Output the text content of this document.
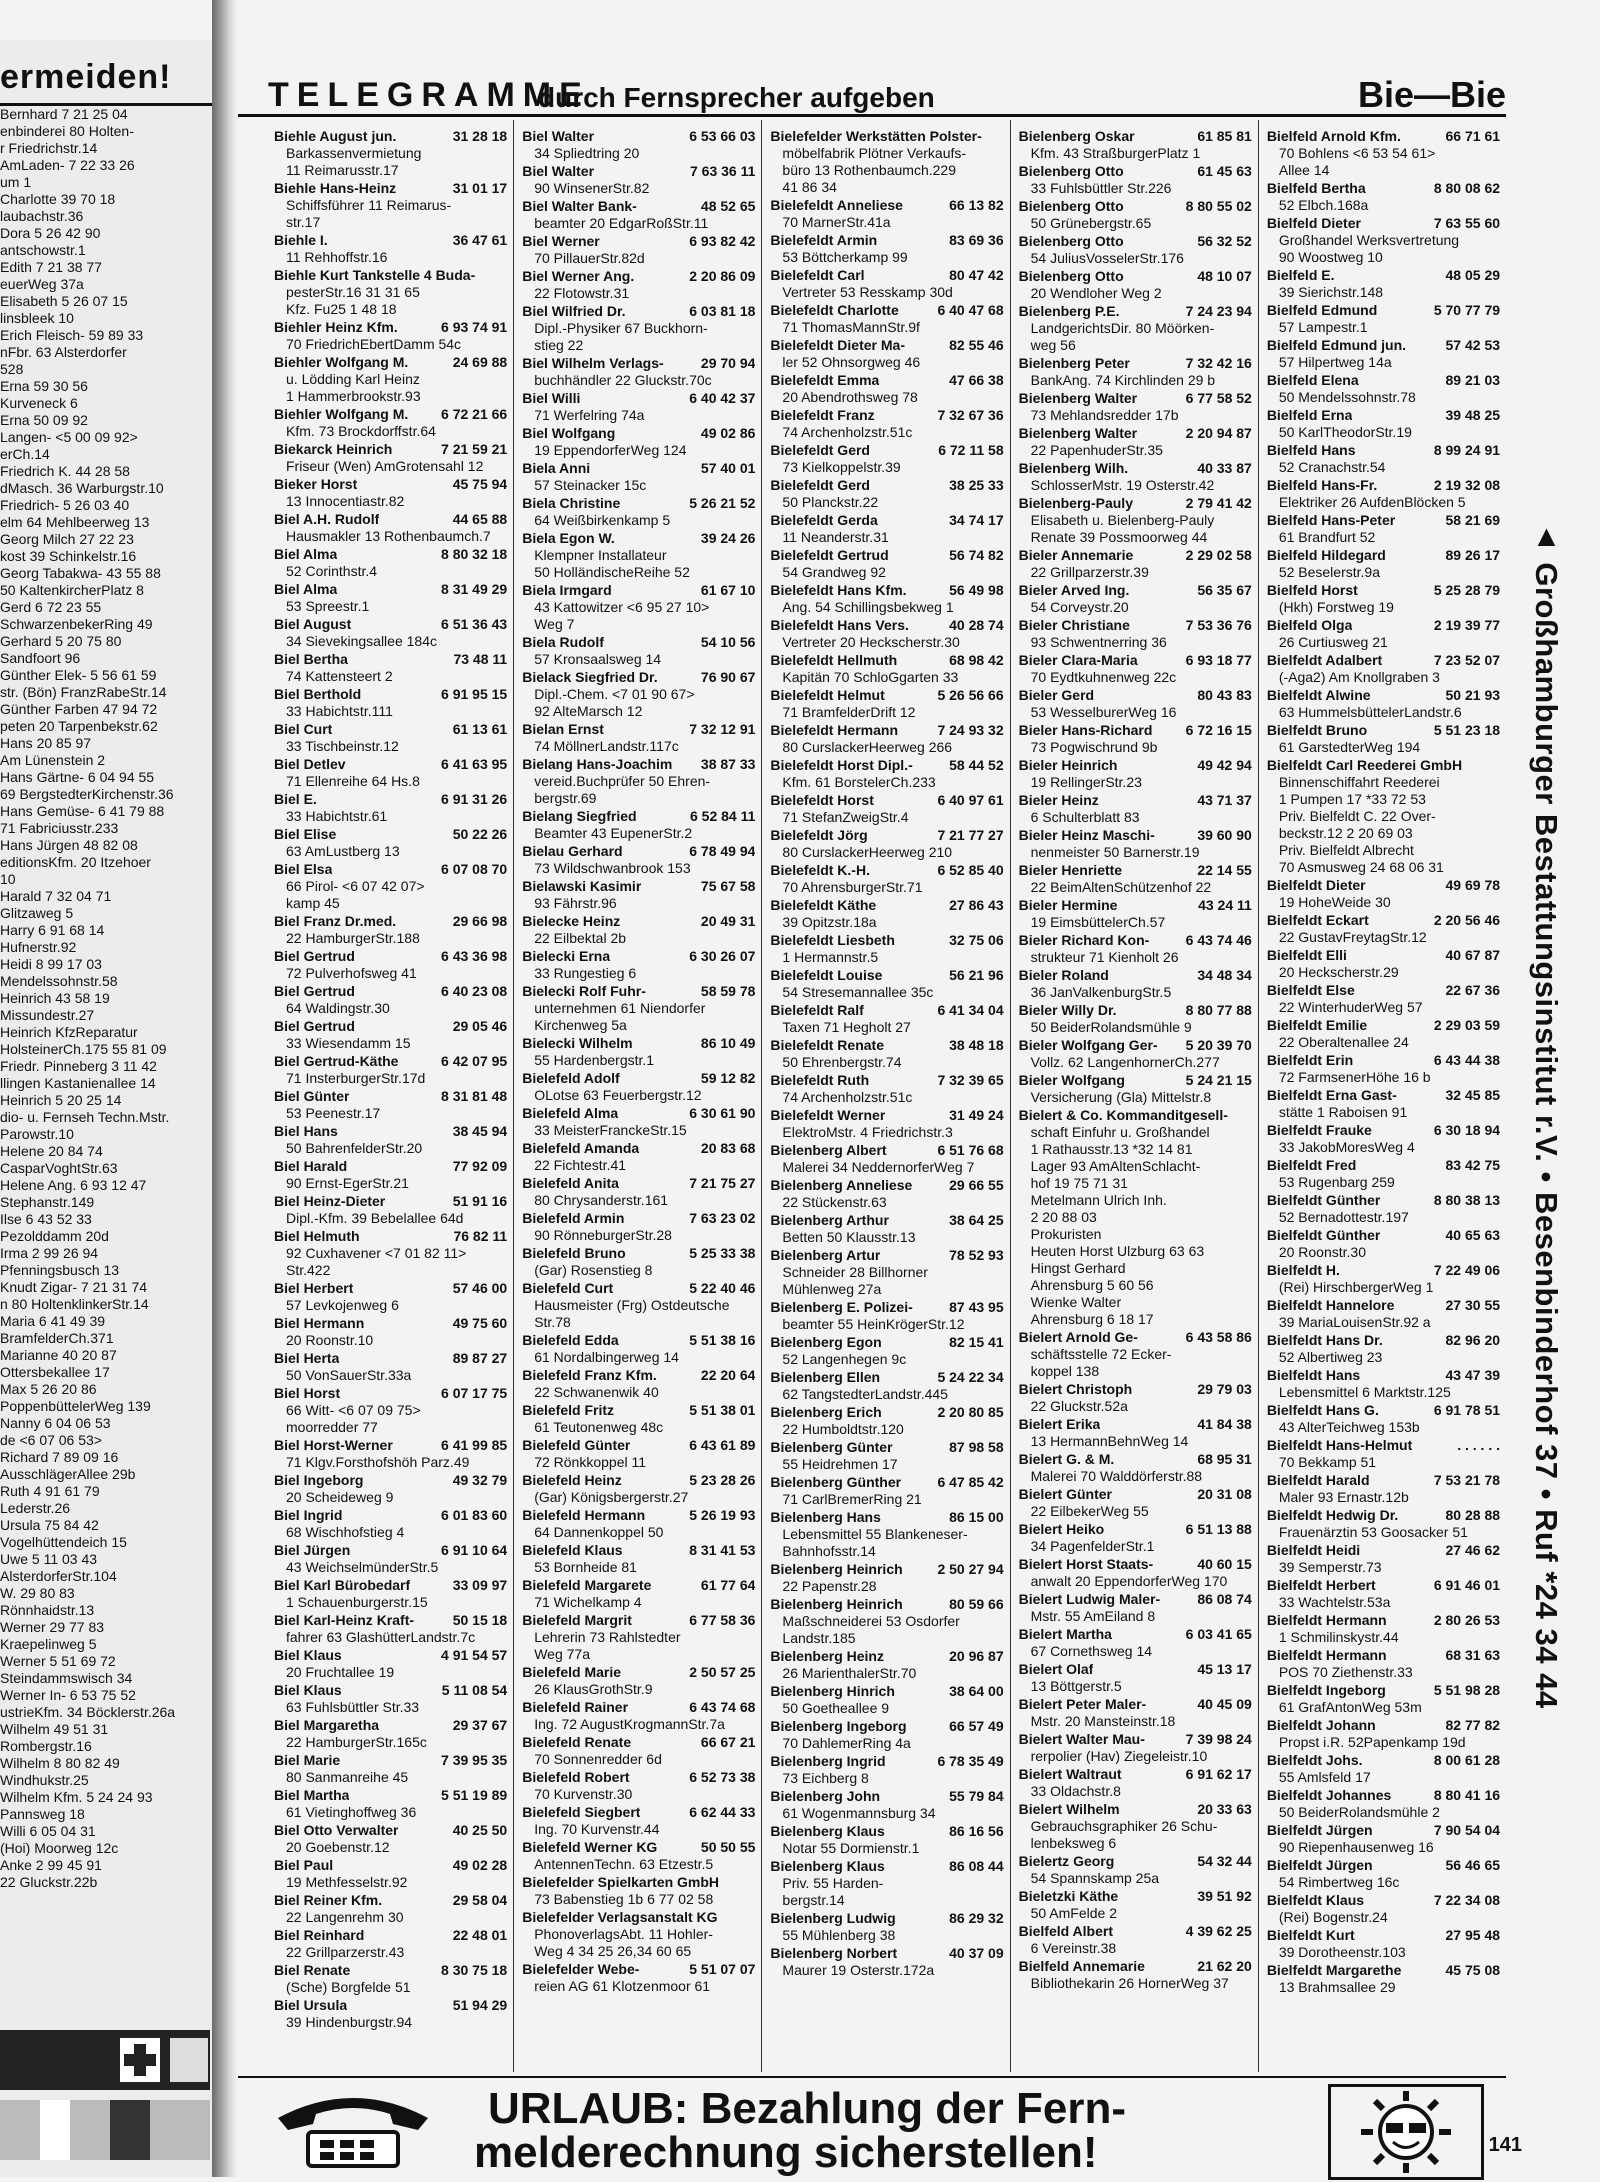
ermeiden!
Bernhard 7 21 25 04
enbinderei 80 Holten-
r Friedrichstr.14
AmLaden- 7 22 33 26
um 1
Charlotte 39 70 18
laubachstr.36
Dora 5 26 42 90
antschowstr.1
Edith 7 21 38 77
euerWeg 37a
Elisabeth 5 26 07 15
linsbleek 10
Erich Fleisch- 59 89 33
nFbr. 63 Alsterdorfer
528
Erna 59 30 56
Kurveneck 6
Erna 50 09 92
Langen- <5 00 09 92>
erCh.14
Friedrich K. 44 28 58
dMasch. 36 Warburgstr.10
Friedrich- 5 26 03 40
elm 64 Mehlbeerweg 13
Georg Milch 27 22 23
kost 39 Schinkelstr.16
Georg Tabakwa- 43 55 88
50 KaltenkircherPlatz 8
Gerd 6 72 23 55
SchwarzenbekerRing 49
Gerhard 5 20 75 80
Sandfoort 96
Günther Elek- 5 56 61 59
str. (Bön) FranzRabeStr.14
Günther Farben 47 94 72
peten 20 Tarpenbekstr.62
Hans 20 85 97
Am Lünenstein 2
Hans Gärtne- 6 04 94 55
69 BergstedterKirchenstr.36
Hans Gemüse- 6 41 79 88
71 Fabriciusstr.233
Hans Jürgen 48 82 08
editionsKfm. 20 Itzehoer
10
Harald 7 32 04 71
Glitzaweg 5
Harry 6 91 68 14
Hufnerstr.92
Heidi 8 99 17 03
Mendelssohnstr.58
Heinrich 43 58 19
Missundestr.27
Heinrich KfzReparatur
HolsteinerCh.175 55 81 09
Friedr. Pinneberg 3 11 42
llingen Kastanienallee 14
Heinrich 5 20 25 14
dio- u. Fernseh Techn.Mstr.
Parowstr.10
Helene 20 84 74
CasparVoghtStr.63
Helene Ang. 6 93 12 47
Stephanstr.149
Ilse 6 43 52 33
Pezolddamm 20d
Irma 2 99 26 94
Pfenningsbusch 13
Knudt Zigar- 7 21 31 74
n 80 HoltenklinkerStr.14
Maria 6 41 49 39
BramfelderCh.371
Marianne 40 20 87
Ottersbekallee 17
Max 5 26 20 86
PoppenbüttelerWeg 139
Nanny 6 04 06 53
de <6 07 06 53>
Richard 7 89 09 16
AusschlägerAllee 29b
Ruth 4 91 61 79
Lederstr.26
Ursula 75 84 42
Vogelhüttendeich 15
Uwe 5 11 03 43
AlsterdorferStr.104
W. 29 80 83
Rönnhaidstr.13
Werner 29 77 83
Kraepelinweg 5
Werner 5 51 69 72
Steindammswisch 34
Werner In- 6 53 75 52
ustrieKfm. 34 Böcklerstr.26a
Wilhelm 49 51 31
Rombergstr.16
Wilhelm 8 80 82 49
Windhukstr.25
Wilhelm Kfm. 5 24 24 93
Pannsweg 18
Willi 6 05 04 31
(Hoi) Moorweg 12c
Anke 2 99 45 91
22 Gluckstr.22b
TELEGRAMME
durch Fernsprecher aufgeben	Bie—Bie
Biehle August jun.	31 28 18
Barkassenvermietung
11 Reimarusstr.17
Biehle Hans-Heinz	31 01 17
Schiffsführer 11 Reimarus-
str.17
Biehle I.	36 47 61
11 Rehhoffstr.16
Biehle Kurt Tankstelle 4 Buda-
pesterStr.16 31 31 65
Kfz. Fu25 1 48 18
Biehler Heinz Kfm.	6 93 74 91
70 FriedrichEbertDamm 54c
Biehler Wolfgang M.	24 69 88
u. Lödding Karl Heinz
1 Hammerbrookstr.93
Biehler Wolfgang M. 6 72 21 66
Kfm. 73 Brockdorffstr.64
Biekarck Heinrich	7 21 59 21
Friseur (Wen) AmGrotensahl 12
Bieker Horst	45 75 94
13 Innocentiastr.82
Biel A.H. Rudolf	44 65 88
Hausmakler 13 Rothenbaumch.7
Biel Alma	8 80 32 18
52 Corinthstr.4
Biel Alma	8 31 49 29
53 Spreestr.1
Biel August	6 51 36 43
34 Sievekingsallee 184c
Biel Bertha	73 48 11
74 Kattensteert 2
Biel Berthold	6 91 95 15
33 Habichtstr.111
Biel Curt	61 13 61
33 Tischbeinstr.12
Biel Detlev	6 41 63 95
71 Ellenreihe 64 Hs.8
Biel E.	6 91 31 26
33 Habichtstr.61
Biel Elise	50 22 26
63 AmLustberg 13
Biel Elsa	6 07 08 70
66 Pirol- <6 07 42 07>
kamp 45
Biel Franz Dr.med.	29 66 98
22 HamburgerStr.188
Biel Gertrud	6 43 36 98
72 Pulverhofsweg 41
Biel Gertrud	6 40 23 08
64 Waldingstr.30
Biel Gertrud	29 05 46
33 Wiesendamm 15
Biel Gertrud-Käthe	6 42 07 95
71 InsterburgerStr.17d
Biel Günter	8 31 81 48
53 Peenestr.17
Biel Hans	38 45 94
50 BahrenfelderStr.20
Biel Harald	77 92 09
90 Ernst-EgerStr.21
Biel Heinz-Dieter	51 91 16
Dipl.-Kfm. 39 Bebelallee 64d
Biel Helmuth	76 82 11
92 Cuxhavener <7 01 82 11>
Str.422
Biel Herbert	57 46 00
57 Levkojenweg 6
Biel Hermann	49 75 60
20 Roonstr.10
Biel Herta	89 87 27
50 VonSauerStr.33a
Biel Horst	6 07 17 75
66 Witt- <6 07 09 75>
moorredder 77
Biel Horst-Werner	6 41 99 85
71 Klgv.Forsthofshöh Parz.49
Biel Ingeborg	49 32 79
20 Scheideweg 9
Biel Ingrid	6 01 83 60
68 Wischhofstieg 4
Biel Jürgen	6 91 10 64
43 WeichselmünderStr.5
Biel Karl Bürobedarf	33 09 97
1 Schauenburgerstr.15
Biel Karl-Heinz Kraft-	50 15 18
fahrer 63 GlashütterLandstr.7c
Biel Klaus	4 91 54 57
20 Fruchtallee 19
Biel Klaus	5 11 08 54
63 Fuhlsbüttler Str.33
Biel Margaretha	29 37 67
22 HamburgerStr.165c
Biel Marie	7 39 95 35
80 Sanmanreihe 45
Biel Martha	5 51 19 89
61 Vietinghoffweg 36
Biel Otto Verwalter	40 25 50
20 Goebenstr.12
Biel Paul	49 02 28
19 Methfesselstr.92
Biel Reiner Kfm.	29 58 04
22 Langenrehm 30
Biel Reinhard	22 48 01
22 Grillparzerstr.43
Biel Renate	8 30 75 18
(Sche) Borgfelde 51
Biel Ursula	51 94 29
39 Hindenburgstr.94
Biel Walter	6 53 66 03
34 Spliedtring 20
Biel Walter	7 63 36 11
90 WinsenerStr.82
Biel Walter Bank-	48 52 65
beamter 20 EdgarRoßStr.11
Biel Werner	6 93 82 42
70 PillauerStr.82d
Biel Werner Ang.	2 20 86 09
22 Flotowstr.31
Biel Wilfried Dr.	6 03 81 18
Dipl.-Physiker 67 Buckhorn-
stieg 22
Biel Wilhelm Verlags-	29 70 94
buchhändler 22 Gluckstr.70c
Biel Willi	6 40 42 37
71 Werfelring 74a
Biel Wolfgang	49 02 86
19 EppendorferWeg 124
Biela Anni	57 40 01
57 Steinacker 15c
Biela Christine	5 26 21 52
64 Weißbirkenkamp 5
Biela Egon W.	39 24 26
Klempner Installateur
50 HolländischeReihe 52
Biela Irmgard	61 67 10
43 Kattowitzer <6 95 27 10>
Weg 7
Biela Rudolf	54 10 56
57 Kronsaalsweg 14
Bielack Siegfried Dr.	76 90 67
Dipl.-Chem. <7 01 90 67>
92 AlteMarsch 12
Bielan Ernst	7 32 12 91
74 MöllnerLandstr.117c
Bielang Hans-Joachim 38 87 33
vereid.Buchprüfer 50 Ehren-
bergstr.69
Bielang Siegfried	6 52 84 11
Beamter 43 EupenerStr.2
Bielau Gerhard	6 78 49 94
73 Wildschwanbrook 153
Bielawski Kasimir	75 67 58
93 Fährstr.96
Bielecke Heinz	20 49 31
22 Eilbektal 2b
Bielecki Erna	6 30 26 07
33 Rungestieg 6
Bielecki Rolf Fuhr-	58 59 78
unternehmen 61 Niendorfer
Kirchenweg 5a
Bielecki Wilhelm	86 10 49
55 Hardenbergstr.1
Bielefeld Adolf	59 12 82
OLotse 63 Feuerbergstr.12
Bielefeld Alma	6 30 61 90
33 MeisterFranckeStr.15
Bielefeld Amanda	20 83 68
22 Fichtestr.41
Bielefeld Anita	7 21 75 27
80 Chrysanderstr.161
Bielefeld Armin	7 63 23 02
90 RönneburgerStr.28
Bielefeld Bruno	5 25 33 38
(Gar) Rosenstieg 8
Bielefeld Curt	5 22 40 46
Hausmeister (Frg) Ostdeutsche
Str.78
Bielefeld Edda	5 51 38 16
61 Nordalbingerweg 14
Bielefeld Franz Kfm.	22 20 64
22 Schwanenwik 40
Bielefeld Fritz	5 51 38 01
61 Teutonenweg 48c
Bielefeld Günter	6 43 61 89
72 Rönkkoppel 11
Bielefeld Heinz	5 23 28 26
(Gar) Königsbergerstr.27
Bielefeld Hermann	5 26 19 93
64 Dannenkoppel 50
Bielefeld Klaus	8 31 41 53
53 Bornheide 81
Bielefeld Margarete	61 77 64
71 Wichelkamp 4
Bielefeld Margrit	6 77 58 36
Lehrerin 73 Rahlstedter
Weg 77a
Bielefeld Marie	2 50 57 25
26 KlausGrothStr.9
Bielefeld Rainer	6 43 74 68
Ing. 72 AugustKrogmannStr.7a
Bielefeld Renate	66 67 21
70 Sonnenredder 6d
Bielefeld Robert	6 52 73 38
70 Kurvenstr.30
Bielefeld Siegbert	6 62 44 33
Ing. 70 Kurvenstr.44
Bielefeld Werner KG	50 50 55
AntennenTechn. 63 Etzestr.5
Bielefelder Spielkarten GmbH
73 Babenstieg 1b 6 77 02 58
Bielefelder Verlagsanstalt KG
PhonoverlagsAbt. 11 Hohler-
Weg 4 34 25 26,34 60 65
Bielefelder Webe-	5 51 07 07
reien AG 61 Klotzenmoor 61
Bielefelder Werkstätten Polster-
möbelfabrik Plötner Verkaufs-
büro 13 Rothenbaumch.229
41 86 34
Bielefeldt Anneliese	66 13 82
70 MarnerStr.41a
Bielefeldt Armin	83 69 36
53 Böttcherkamp 99
Bielefeldt Carl	80 47 42
Vertreter 53 Resskamp 30d
Bielefeldt Charlotte	6 40 47 68
71 ThomasMannStr.9f
Bielefeldt Dieter Ma-	82 55 46
ler 52 Ohnsorgweg 46
Bielefeldt Emma	47 66 38
20 Abendrothsweg 78
Bielefeldt Franz	7 32 67 36
74 Archenholzstr.51c
Bielefeldt Gerd	6 72 11 58
73 Kielkoppelstr.39
Bielefeldt Gerd	38 25 33
50 Planckstr.22
Bielefeldt Gerda	34 74 17
11 Neanderstr.31
Bielefeldt Gertrud	56 74 82
54 Grandweg 92
Bielefeldt Hans Kfm.	56 49 98
Ang. 54 Schillingsbekweg 1
Bielefeldt Hans Vers.	40 28 74
Vertreter 20 Heckscherstr.30
Bielefeldt Hellmuth	68 98 42
Kapitän 70 SchloGgarten 33
Bielefeldt Helmut	5 26 56 66
71 BramfelderDrift 12
Bielefeldt Hermann	7 24 93 32
80 CurslackerHeerweg 266
Bielefeldt Horst Dipl.-	58 44 52
Kfm. 61 BorstelerCh.233
Bielefeldt Horst	6 40 97 61
71 StefanZweigStr.4
Bielefeldt Jörg	7 21 77 27
80 CurslackerHeerweg 210
Bielefeldt K.-H.	6 52 85 40
70 AhrensburgerStr.71
Bielefeldt Käthe	27 86 43
39 Opitzstr.18a
Bielefeldt Liesbeth	32 75 06
1 Hermannstr.5
Bielefeldt Louise	56 21 96
54 Stresemannallee 35c
Bielefeldt Ralf	6 41 34 04
Taxen 71 Hegholt 27
Bielefeldt Renate	38 48 18
50 Ehrenbergstr.74
Bielefeldt Ruth	7 32 39 65
74 Archenholzstr.51c
Bielefeldt Werner	31 49 24
ElektroMstr. 4 Friedrichstr.3
Bielenberg Albert	6 51 76 68
Malerei 34 NeddernorferWeg 7
Bielenberg Anneliese	29 66 55
22 Stückenstr.63
Bielenberg Arthur	38 64 25
Betten 50 Klausstr.13
Bielenberg Artur	78 52 93
Schneider 28 Billhorner
Mühlenweg 27a
Bielenberg E. Polizei-	87 43 95
beamter 55 HeinKrögerStr.12
Bielenberg Egon	82 15 41
52 Langenhegen 9c
Bielenberg Ellen	5 24 22 34
62 TangstedterLandstr.445
Bielenberg Erich	2 20 80 85
22 Humboldtstr.120
Bielenberg Günter	87 98 58
55 Heidrehmen 17
Bielenberg Günther	6 47 85 42
71 CarlBremerRing 21
Bielenberg Hans	86 15 00
Lebensmittel 55 Blankeneser-
Bahnhofsstr.14
Bielenberg Heinrich 2 50 27 94
22 Papenstr.28
Bielenberg Heinrich	80 59 66
Maßschneiderei 53 Osdorfer
Landstr.185
Bielenberg Heinz	20 96 87
26 MarienthalerStr.70
Bielenberg Hinrich	38 64 00
50 Goetheallee 9
Bielenberg Ingeborg	66 57 49
70 DahlemerRing 4a
Bielenberg Ingrid	6 78 35 49
73 Eichberg 8
Bielenberg John	55 79 84
61 Wogenmannsburg 34
Bielenberg Klaus	86 16 56
Notar 55 Dormienstr.1
Bielenberg Klaus	86 08 44
Priv. 55 Harden-
bergstr.14
Bielenberg Ludwig	86 29 32
55 Mühlenberg 38
Bielenberg Norbert	40 37 09
Maurer 19 Osterstr.172a
Bielenberg Oskar	61 85 81
Kfm. 43 StraßburgerPlatz 1
Bielenberg Otto	61 45 63
33 Fuhlsbüttler Str.226
Bielenberg Otto	8 80 55 02
50 Grünebergstr.65
Bielenberg Otto	56 32 52
54 JuliusVosselerStr.176
Bielenberg Otto	48 10 07
20 Wendloher Weg 2
Bielenberg P.E.	7 24 23 94
LandgerichtsDir. 80 Möörken-
weg 56
Bielenberg Peter	7 32 42 16
BankAng. 74 Kirchlinden 29 b
Bielenberg Walter	6 77 58 52
73 Mehlandsredder 17b
Bielenberg Walter	2 20 94 87
22 PapenhuderStr.35
Bielenberg Wilh.	40 33 87
SchlosserMstr. 19 Osterstr.42
Bielenberg-Pauly	2 79 41 42
Elisabeth u. Bielenberg-Pauly
Renate 39 Possmoorweg 44
Bieler Annemarie	2 29 02 58
22 Grillparzerstr.39
Bieler Arved Ing.	56 35 67
54 Corveystr.20
Bieler Christiane	7 53 36 76
93 Schwentnerring 36
Bieler Clara-Maria	6 93 18 77
70 Eydtkuhnenweg 22c
Bieler Gerd	80 43 83
53 WesselburerWeg 16
Bieler Hans-Richard 6 72 16 15
73 Pogwischrund 9b
Bieler Heinrich	49 42 94
19 RellingerStr.23
Bieler Heinz	43 71 37
6 Schulterblatt 83
Bieler Heinz Maschi-	39 60 90
nenmeister 50 Barnerstr.19
Bieler Henriette	22 14 55
22 BeimAltenSchützenhof 22
Bieler Hermine	43 24 11
19 EimsbüttelerCh.57
Bieler Richard Kon-	6 43 74 46
strukteur 71 Kienholt 26
Bieler Roland	34 48 34
36 JanValkenburgStr.5
Bieler Willy Dr.	8 80 77 88
50 BeiderRolandsmühle 9
Bieler Wolfgang Ger- 5 20 39 70
Vollz. 62 LangenhornerCh.277
Bieler Wolfgang	5 24 21 15
Versicherung (Gla) Mittelstr.8
Bielert & Co. Kommanditgesell-
schaft Einfuhr u. Großhandel
1 Rathausstr.13 *32 14 81
Lager 93 AmAltenSchlacht-
hof 19 75 71 31
Metelmann Ulrich Inh.
2 20 88 03
Prokuristen
Heuten Horst Ulzburg 63 63
Hingst Gerhard
Ahrensburg 5 60 56
Wienke Walter
Ahrensburg 6 18 17
Bielert Arnold Ge-	6 43 58 86
schäftsstelle 72 Ecker-
koppel 138
Bielert Christoph	29 79 03
22 Gluckstr.52a
Bielert Erika	41 84 38
13 HermannBehnWeg 14
Bielert G. & M.	68 95 31
Malerei 70 Walddörferstr.88
Bielert Günter	20 31 08
22 EilbekerWeg 55
Bielert Heiko	6 51 13 88
34 PagenfelderStr.1
Bielert Horst Staats-	40 60 15
anwalt 20 EppendorferWeg 170
Bielert Ludwig Maler-	86 08 74
Mstr. 55 AmEiland 8
Bielert Martha	6 03 41 65
67 Cornethsweg 14
Bielert Olaf	45 13 17
13 Böttgerstr.5
Bielert Peter Maler-	40 45 09
Mstr. 20 Mansteinstr.18
Bielert Walter Mau-	7 39 98 24
rerpolier (Hav) Ziegeleistr.10
Bielert Waltraut	6 91 62 17
33 Oldachstr.8
Bielert Wilhelm	20 33 63
Gebrauchsgraphiker 26 Schu-
lenbeksweg 6
Bielertz Georg	54 32 44
54 Spannskamp 25a
Bieletzki Käthe	39 51 92
50 AmFelde 2
Bielfeld Albert	4 39 62 25
6 Vereinstr.38
Bielfeld Annemarie	21 62 20
Bibliothekarin 26 HornerWeg 37
Bielfeld Arnold Kfm.	66 71 61
70 Bohlens <6 53 54 61>
Allee 14
Bielfeld Bertha	8 80 08 62
52 Elbch.168a
Bielfeld Dieter	7 63 55 60
Großhandel Werksvertretung
90 Woostweg 10
Bielfeld E.	48 05 29
39 Sierichstr.148
Bielfeld Edmund	5 70 77 79
57 Lampestr.1
Bielfeld Edmund jun.	57 42 53
57 Hilpertweg 14a
Bielfeld Elena	89 21 03
50 Mendelssohnstr.78
Bielfeld Erna	39 48 25
50 KarlTheodorStr.19
Bielfeld Hans	8 99 24 91
52 Cranachstr.54
Bielfeld Hans-Fr.	2 19 32 08
Elektriker 26 AufdenBlöcken 5
Bielfeld Hans-Peter	58 21 69
61 Brandfurt 52
Bielfeld Hildegard	89 26 17
52 Beselerstr.9a
Bielfeld Horst	5 25 28 79
(Hkh) Forstweg 19
Bielfeld Olga	2 19 39 77
26 Curtiusweg 21
Bielfeldt Adalbert	7 23 52 07
(-Aga2) Am Knollgraben 3
Bielfeldt Alwine	50 21 93
63 HummelsbüttelerLandstr.6
Bielfeldt Bruno	5 51 23 18
61 GarstedterWeg 194
Bielfeldt Carl Reederei GmbH
Binnenschiffahrt Reederei
1 Pumpen 17 *33 72 53
Priv. Bielfeldt C. 22 Over-
beckstr.12 2 20 69 03
Priv. Bielfeldt Albrecht
70 Asmusweg 24 68 06 31
Bielfeldt Dieter	49 69 78
19 HoheWeide 30
Bielfeldt Eckart	2 20 56 46
22 GustavFreytagStr.12
Bielfeldt Elli	40 67 87
20 Heckscherstr.29
Bielfeldt Else	22 67 36
22 WinterhuderWeg 57
Bielfeldt Emilie	2 29 03 59
22 Oberaltenallee 24
Bielfeldt Erin	6 43 44 38
72 FarmsenerHöhe 16 b
Bielfeldt Erna Gast-	32 45 85
stätte 1 Raboisen 91
Bielfeldt Frauke	6 30 18 94
33 JakobMoresWeg 4
Bielfeldt Fred	83 42 75
53 Rugenbarg 259
Bielfeldt Günther	8 80 38 13
52 Bernadottestr.197
Bielfeldt Günther	40 65 63
20 Roonstr.30
Bielfeldt H.	7 22 49 06
(Rei) HirschbergerWeg 1
Bielfeldt Hannelore	27 30 55
39 MariaLouisenStr.92 a
Bielfeldt Hans Dr.	82 96 20
52 Albertiweg 23
Bielfeldt Hans	43 47 39
Lebensmittel 6 Marktstr.125
Bielfeldt Hans G.	6 91 78 51
43 AlterTeichweg 153b
Bielfeldt Hans-Helmut	. . . . . .
70 Bekkamp 51
Bielfeldt Harald	7 53 21 78
Maler 93 Ernastr.12b
Bielfeldt Hedwig Dr.	80 28 88
Frauenärztin 53 Goosacker 51
Bielfeldt Heidi	27 46 62
39 Semperstr.73
Bielfeldt Herbert	6 91 46 01
33 Wachtelstr.53a
Bielfeldt Hermann	2 80 26 53
1 Schmilinskystr.44
Bielfeldt Hermann	68 31 63
POS 70 Ziethenstr.33
Bielfeldt Ingeborg	5 51 98 28
61 GrafAntonWeg 53m
Bielfeldt Johann	82 77 82
Propst i.R. 52Papenkamp 19d
Bielfeldt Johs.	8 00 61 28
55 Amlsfeld 17
Bielfeldt Johannes	8 80 41 16
50 BeiderRolandsmühle 2
Bielfeldt Jürgen	7 90 54 04
90 Riepenhausenweg 16
Bielfeldt Jürgen	56 46 65
54 Rimbertweg 16c
Bielfeldt Klaus	7 22 34 08
(Rei) Bogenstr.24
Bielfeldt Kurt	27 95 48
39 Dorotheenstr.103
Bielfeldt Margarethe	45 75 08
13 Brahmsallee 29
▲ Großhamburger Bestattungsinstitut r.V. • Besenbinderhof 37 • Ruf *24 34 44
URLAUB: Bezahlung der Fern-
melderechnung sicherstellen!	141
